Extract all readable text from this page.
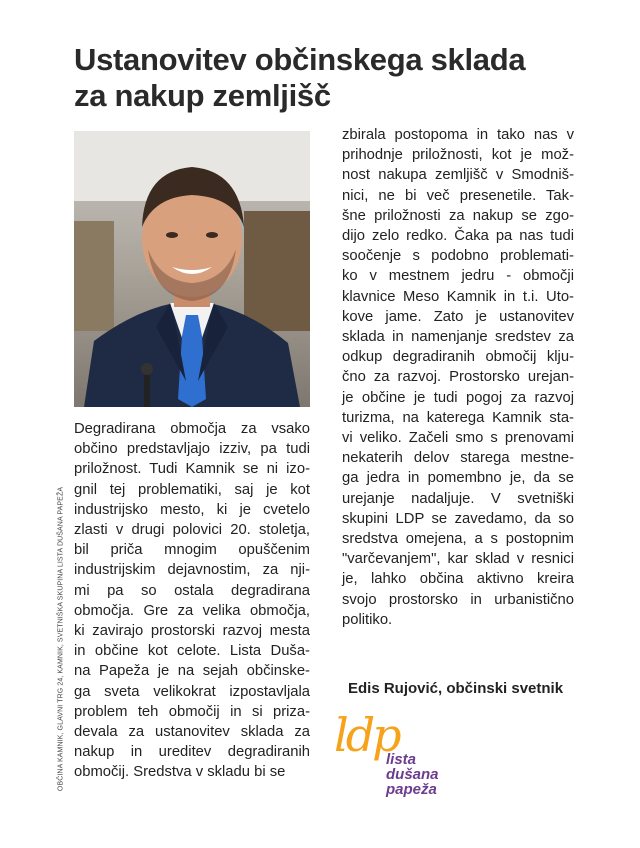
Ustanovitev občinskega sklada
za nakup zemljišč
Degradirana območja za vsako
občino predstavljajo izziv, pa tudi
priložnost. Tudi Kamnik se ni izo-
gnil tej problematiki, saj je kot
industrijsko mesto, ki je cvetelo
zlasti v drugi polovici 20. stoletja,
bil priča mnogim opuščenim
industrijskim dejavnostim, za nji-
mi pa so ostala degradirana
območja. Gre za velika območja,
ki zavirajo prostorski razvoj mesta
in občine kot celote. Lista Duša-
na Papeža je na sejah občinske-
ga sveta velikokrat izpostavljala
problem teh območij in si priza-
devala za ustanovitev sklada za
nakup in ureditev degradiranih
območij. Sredstva v skladu bi se
zbirala postopoma in tako nas v
prihodnje priložnosti, kot je mož-
nost nakupa zemljišč v Smodniš-
nici, ne bi več presenetile. Tak-
šne priložnosti za nakup se zgo-
dijo zelo redko. Čaka pa nas tudi
soočenje s podobno problemati-
ko v mestnem jedru - območji
klavnice Meso Kamnik in t.i. Uto-
kove jame. Zato je ustanovitev
sklada in namenjanje sredstev za
odkup degradiranih območij klju-
čno za razvoj. Prostorsko urejan-
je občine je tudi pogoj za razvoj
turizma, na katerega Kamnik sta-
vi veliko. Začeli smo s prenovami
nekaterih delov starega mestne-
ga jedra in pomembno je, da se
urejanje nadaljuje. V svetniški
skupini LDP se zavedamo, da so
sredstva omejena, a s postopnim
"varčevanjem", kar sklad v resnici
je, lahko občina aktivno kreira
svojo prostorsko in urbanistično
politiko.
OBČINA KAMNIK, GLAVNI TRG 24, KAMNIK, SVETNIŠKA SKUPINA LISTA DUŠANA PAPEŽA	Edis Rujović, občinski svetnik
ldp
lista
dušana
papeža
